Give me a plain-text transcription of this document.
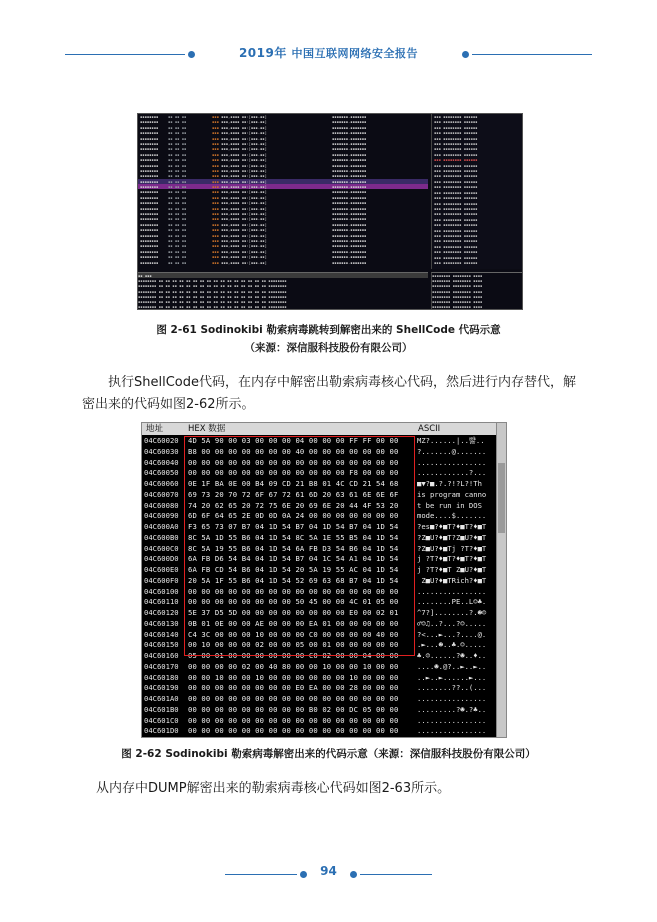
2019年 中国互联网网络安全报告
▪▪▪▪▪▪▪▪	▪▪ ▪▪ ▪▪	▪▪▪ ▪▪▪,▪▪▪▪ ▪▪:[▪▪▪-▪▪]	▪▪▪▪▪▪▪.▪▪▪▪▪▪▪
▪▪▪▪▪▪▪▪	▪▪ ▪▪ ▪▪	▪▪▪ ▪▪▪,▪▪▪▪ ▪▪:[▪▪▪-▪▪]	▪▪▪▪▪▪▪.▪▪▪▪▪▪▪
▪▪▪▪▪▪▪▪	▪▪ ▪▪ ▪▪	▪▪▪ ▪▪▪,▪▪▪▪ ▪▪:[▪▪▪-▪▪]	▪▪▪▪▪▪▪.▪▪▪▪▪▪▪
▪▪▪▪▪▪▪▪	▪▪ ▪▪ ▪▪	▪▪▪ ▪▪▪,▪▪▪▪ ▪▪:[▪▪▪-▪▪]	▪▪▪▪▪▪▪.▪▪▪▪▪▪▪
▪▪▪▪▪▪▪▪	▪▪ ▪▪ ▪▪	▪▪▪ ▪▪▪,▪▪▪▪ ▪▪:[▪▪▪-▪▪]	▪▪▪▪▪▪▪.▪▪▪▪▪▪▪
▪▪▪▪▪▪▪▪	▪▪ ▪▪ ▪▪	▪▪▪ ▪▪▪,▪▪▪▪ ▪▪:[▪▪▪-▪▪]	▪▪▪▪▪▪▪.▪▪▪▪▪▪▪
▪▪▪▪▪▪▪▪	▪▪ ▪▪ ▪▪	▪▪▪ ▪▪▪,▪▪▪▪ ▪▪:[▪▪▪-▪▪]	▪▪▪▪▪▪▪.▪▪▪▪▪▪▪
▪▪▪▪▪▪▪▪	▪▪ ▪▪ ▪▪	▪▪▪ ▪▪▪,▪▪▪▪ ▪▪:[▪▪▪-▪▪]	▪▪▪▪▪▪▪.▪▪▪▪▪▪▪
▪▪▪▪▪▪▪▪	▪▪ ▪▪ ▪▪	▪▪▪ ▪▪▪,▪▪▪▪ ▪▪:[▪▪▪-▪▪]	▪▪▪▪▪▪▪.▪▪▪▪▪▪▪
▪▪▪▪▪▪▪▪	▪▪ ▪▪ ▪▪	▪▪▪ ▪▪▪,▪▪▪▪ ▪▪:[▪▪▪-▪▪]	▪▪▪▪▪▪▪.▪▪▪▪▪▪▪
▪▪▪▪▪▪▪▪	▪▪ ▪▪ ▪▪	▪▪▪ ▪▪▪,▪▪▪▪ ▪▪:[▪▪▪-▪▪]	▪▪▪▪▪▪▪.▪▪▪▪▪▪▪
▪▪▪▪▪▪▪▪	▪▪ ▪▪ ▪▪	▪▪▪ ▪▪▪,▪▪▪▪ ▪▪:[▪▪▪-▪▪]	▪▪▪▪▪▪▪.▪▪▪▪▪▪▪
▪▪▪▪▪▪▪▪	▪▪ ▪▪ ▪▪	▪▪▪ ▪▪▪,▪▪▪▪ ▪▪:[▪▪▪-▪▪]	▪▪▪▪▪▪▪.▪▪▪▪▪▪▪
▪▪▪▪▪▪▪▪	▪▪ ▪▪ ▪▪	▪▪▪ ▪▪▪,▪▪▪▪ ▪▪:[▪▪▪-▪▪]	▪▪▪▪▪▪▪.▪▪▪▪▪▪▪
▪▪▪▪▪▪▪▪	▪▪ ▪▪ ▪▪	▪▪▪ ▪▪▪,▪▪▪▪ ▪▪:[▪▪▪-▪▪]	▪▪▪▪▪▪▪.▪▪▪▪▪▪▪
▪▪▪▪▪▪▪▪	▪▪ ▪▪ ▪▪	▪▪▪ ▪▪▪,▪▪▪▪ ▪▪:[▪▪▪-▪▪]	▪▪▪▪▪▪▪.▪▪▪▪▪▪▪
▪▪▪▪▪▪▪▪	▪▪ ▪▪ ▪▪	▪▪▪ ▪▪▪,▪▪▪▪ ▪▪:[▪▪▪-▪▪]	▪▪▪▪▪▪▪.▪▪▪▪▪▪▪
▪▪▪▪▪▪▪▪	▪▪ ▪▪ ▪▪	▪▪▪ ▪▪▪,▪▪▪▪ ▪▪:[▪▪▪-▪▪]	▪▪▪▪▪▪▪.▪▪▪▪▪▪▪
▪▪▪▪▪▪▪▪	▪▪ ▪▪ ▪▪	▪▪▪ ▪▪▪,▪▪▪▪ ▪▪:[▪▪▪-▪▪]	▪▪▪▪▪▪▪.▪▪▪▪▪▪▪
▪▪▪▪▪▪▪▪	▪▪ ▪▪ ▪▪	▪▪▪ ▪▪▪,▪▪▪▪ ▪▪:[▪▪▪-▪▪]	▪▪▪▪▪▪▪.▪▪▪▪▪▪▪
▪▪▪▪▪▪▪▪	▪▪ ▪▪ ▪▪	▪▪▪ ▪▪▪,▪▪▪▪ ▪▪:[▪▪▪-▪▪]	▪▪▪▪▪▪▪.▪▪▪▪▪▪▪
▪▪▪▪▪▪▪▪	▪▪ ▪▪ ▪▪	▪▪▪ ▪▪▪,▪▪▪▪ ▪▪:[▪▪▪-▪▪]	▪▪▪▪▪▪▪.▪▪▪▪▪▪▪
▪▪▪▪▪▪▪▪	▪▪ ▪▪ ▪▪	▪▪▪ ▪▪▪,▪▪▪▪ ▪▪:[▪▪▪-▪▪]	▪▪▪▪▪▪▪.▪▪▪▪▪▪▪
▪▪▪▪▪▪▪▪	▪▪ ▪▪ ▪▪	▪▪▪ ▪▪▪,▪▪▪▪ ▪▪:[▪▪▪-▪▪]	▪▪▪▪▪▪▪.▪▪▪▪▪▪▪
▪▪▪▪▪▪▪▪	▪▪ ▪▪ ▪▪	▪▪▪ ▪▪▪,▪▪▪▪ ▪▪:[▪▪▪-▪▪]	▪▪▪▪▪▪▪.▪▪▪▪▪▪▪
▪▪▪▪▪▪▪▪	▪▪ ▪▪ ▪▪	▪▪▪ ▪▪▪,▪▪▪▪ ▪▪:[▪▪▪-▪▪]	▪▪▪▪▪▪▪.▪▪▪▪▪▪▪
▪▪▪▪▪▪▪▪	▪▪ ▪▪ ▪▪	▪▪▪ ▪▪▪,▪▪▪▪ ▪▪:[▪▪▪-▪▪]	▪▪▪▪▪▪▪.▪▪▪▪▪▪▪
▪▪▪▪▪▪▪▪	▪▪ ▪▪ ▪▪	▪▪▪ ▪▪▪,▪▪▪▪ ▪▪:[▪▪▪-▪▪]	▪▪▪▪▪▪▪.▪▪▪▪▪▪▪
▪▪▪ ▪▪▪▪▪▪▪▪ ▪▪▪▪▪▪
▪▪▪ ▪▪▪▪▪▪▪▪ ▪▪▪▪▪▪
▪▪▪ ▪▪▪▪▪▪▪▪ ▪▪▪▪▪▪
▪▪▪ ▪▪▪▪▪▪▪▪ ▪▪▪▪▪▪
▪▪▪ ▪▪▪▪▪▪▪▪ ▪▪▪▪▪▪
▪▪▪ ▪▪▪▪▪▪▪▪ ▪▪▪▪▪▪
▪▪▪ ▪▪▪▪▪▪▪▪ ▪▪▪▪▪▪
▪▪▪ ▪▪▪▪▪▪▪▪ ▪▪▪▪▪▪
▪▪▪ ▪▪▪▪▪▪▪▪ ▪▪▪▪▪▪
▪▪▪ ▪▪▪▪▪▪▪▪ ▪▪▪▪▪▪
▪▪▪ ▪▪▪▪▪▪▪▪ ▪▪▪▪▪▪
▪▪▪ ▪▪▪▪▪▪▪▪ ▪▪▪▪▪▪
▪▪▪ ▪▪▪▪▪▪▪▪ ▪▪▪▪▪▪
▪▪▪ ▪▪▪▪▪▪▪▪ ▪▪▪▪▪▪
▪▪▪ ▪▪▪▪▪▪▪▪ ▪▪▪▪▪▪
▪▪▪ ▪▪▪▪▪▪▪▪ ▪▪▪▪▪▪
▪▪▪ ▪▪▪▪▪▪▪▪ ▪▪▪▪▪▪
▪▪▪ ▪▪▪▪▪▪▪▪ ▪▪▪▪▪▪
▪▪▪ ▪▪▪▪▪▪▪▪ ▪▪▪▪▪▪
▪▪▪ ▪▪▪▪▪▪▪▪ ▪▪▪▪▪▪
▪▪▪ ▪▪▪▪▪▪▪▪ ▪▪▪▪▪▪
▪▪▪ ▪▪▪▪▪▪▪▪ ▪▪▪▪▪▪
▪▪▪ ▪▪▪▪▪▪▪▪ ▪▪▪▪▪▪
▪▪▪ ▪▪▪▪▪▪▪▪ ▪▪▪▪▪▪
▪▪▪ ▪▪▪▪▪▪▪▪ ▪▪▪▪▪▪
▪▪▪ ▪▪▪▪▪▪▪▪ ▪▪▪▪▪▪
▪▪▪ ▪▪▪▪▪▪▪▪ ▪▪▪▪▪▪
▪▪▪ ▪▪▪▪▪▪▪▪ ▪▪▪▪▪▪
▪▪ ▪▪▪
▪▪▪▪▪▪▪▪ ▪▪ ▪▪ ▪▪ ▪▪ ▪▪ ▪▪ ▪▪ ▪▪ ▪▪ ▪▪ ▪▪ ▪▪ ▪▪ ▪▪ ▪▪ ▪▪ ▪▪▪▪▪▪▪▪
▪▪▪▪▪▪▪▪ ▪▪ ▪▪ ▪▪ ▪▪ ▪▪ ▪▪ ▪▪ ▪▪ ▪▪ ▪▪ ▪▪ ▪▪ ▪▪ ▪▪ ▪▪ ▪▪ ▪▪▪▪▪▪▪▪
▪▪▪▪▪▪▪▪ ▪▪ ▪▪ ▪▪ ▪▪ ▪▪ ▪▪ ▪▪ ▪▪ ▪▪ ▪▪ ▪▪ ▪▪ ▪▪ ▪▪ ▪▪ ▪▪ ▪▪▪▪▪▪▪▪
▪▪▪▪▪▪▪▪ ▪▪ ▪▪ ▪▪ ▪▪ ▪▪ ▪▪ ▪▪ ▪▪ ▪▪ ▪▪ ▪▪ ▪▪ ▪▪ ▪▪ ▪▪ ▪▪ ▪▪▪▪▪▪▪▪
▪▪▪▪▪▪▪▪ ▪▪ ▪▪ ▪▪ ▪▪ ▪▪ ▪▪ ▪▪ ▪▪ ▪▪ ▪▪ ▪▪ ▪▪ ▪▪ ▪▪ ▪▪ ▪▪ ▪▪▪▪▪▪▪▪
▪▪▪▪▪▪▪▪ ▪▪ ▪▪ ▪▪ ▪▪ ▪▪ ▪▪ ▪▪ ▪▪ ▪▪ ▪▪ ▪▪ ▪▪ ▪▪ ▪▪ ▪▪ ▪▪ ▪▪▪▪▪▪▪▪
▪▪▪▪▪▪▪▪ ▪▪▪▪▪▪▪▪ ▪▪▪▪
▪▪▪▪▪▪▪▪ ▪▪▪▪▪▪▪▪ ▪▪▪▪
▪▪▪▪▪▪▪▪ ▪▪▪▪▪▪▪▪ ▪▪▪▪
▪▪▪▪▪▪▪▪ ▪▪▪▪▪▪▪▪ ▪▪▪▪
▪▪▪▪▪▪▪▪ ▪▪▪▪▪▪▪▪ ▪▪▪▪
▪▪▪▪▪▪▪▪ ▪▪▪▪▪▪▪▪ ▪▪▪▪
▪▪▪▪▪▪▪▪ ▪▪▪▪▪▪▪▪ ▪▪▪▪
图 2-61 Sodinokibi 勒索病毒跳转到解密出来的 ShellCode 代码示意
（来源：深信服科技股份有限公司）
执行ShellCode代码，在内存中解密出勒索病毒核心代码，然后进行内存替代，解密出来的代码如图2-62所示。
地址	HEX 数据	ASCII
04C60020 4D 5A 90 00 03 00 00 00 04 00 00 00 FF FF 00 00	MZ?......|..뺧..
04C60030 B8 00 00 00 00 00 00 00 40 00 00 00 00 00 00 00	?.......@.......
04C60040 00 00 00 00 00 00 00 00 00 00 00 00 00 00 00 00	................
04C60050 00 00 00 00 00 00 00 00 00 00 00 00 F8 00 00 00	............?...
04C60060 0E 1F BA 0E 00 B4 09 CD 21 B8 01 4C CD 21 54 68	■▼?■.?.?!?L?!Th
04C60070 69 73 20 70 72 6F 67 72 61 6D 20 63 61 6E 6E 6F	is program canno
04C60080 74 20 62 65 20 72 75 6E 20 69 6E 20 44 4F 53 20	t be run in DOS
04C60090 6D 6F 64 65 2E 0D 0D 0A 24 00 00 00 00 00 00 00	mode....$.......
04C600A0 F3 65 73 07 B7 04 1D 54 B7 04 1D 54 B7 04 1D 54	?es■?♦■T?♦■T?♦■T
04C600B0 8C 5A 1D 55 B6 04 1D 54 8C 5A 1E 55 B5 04 1D 54	?Z■U?♦■T?Z■U?♦■T
04C600C0 8C 5A 19 55 B6 04 1D 54 6A FB D3 54 B6 04 1D 54	?Z■U?♦■Tj ?T?♦■T
04C600D0 6A FB D6 54 B4 04 1D 54 B7 04 1C 54 A1 04 1D 54	j ?T?♦■T?♦■T?♦■T
04C600E0 6A FB CD 54 B6 04 1D 54 20 5A 19 55 AC 04 1D 54	j ?T?♦■T Z■U?♦■T
04C600F0 20 5A 1F 55 B6 04 1D 54 52 69 63 68 B7 04 1D 54	Z■U?♦■TRich?♦■T
04C60100 00 00 00 00 00 00 00 00 00 00 00 00 00 00 00 00	................
04C60110 00 00 00 00 00 00 00 00 50 45 00 00 4C 01 05 00	........PE..L☺♣.
04C60120 5E 37 D5 5D 00 00 00 00 00 00 00 00 E0 00 02 01	^7?]........?.☻☺
04C60130 0B 01 0E 00 00 AE 00 00 00 EA 01 00 00 00 00 00	♂☺♫..?...?☺.....
04C60140 C4 3C 00 00 00 10 00 00 00 C0 00 00 00 00 40 00	?<...►...?....@.
04C60150 00 10 00 00 00 02 00 00 05 00 01 00 00 00 00 00	.►...☻..♣.☺.....
04C60160 05 00 01 00 00 00 00 00 00 C0 02 00 00 04 00 00	♣.☺......?☻..♦..
04C60170 00 00 00 00 02 00 40 80 00 00 10 00 00 10 00 00	....☻.@?..►..►..
04C60180 00 00 10 00 00 10 00 00 00 00 00 00 10 00 00 00	..►..►......►...
04C60190 00 00 00 00 00 00 00 00 E0 EA 00 00 28 00 00 00	........??..(...
04C601A0 00 00 00 00 00 00 00 00 00 00 00 00 00 00 00 00	................
04C601B0 00 00 00 00 00 00 00 00 00 B0 02 00 DC 05 00 00	.........?☻.?♣..
04C601C0 00 00 00 00 00 00 00 00 00 00 00 00 00 00 00 00	................
04C601D0 00 00 00 00 00 00 00 00 00 00 00 00 00 00 00 00	................
图 2-62 Sodinokibi 勒索病毒解密出来的代码示意（来源：深信服科技股份有限公司）
从内存中DUMP解密出来的勒索病毒核心代码如图2-63所示。
94
